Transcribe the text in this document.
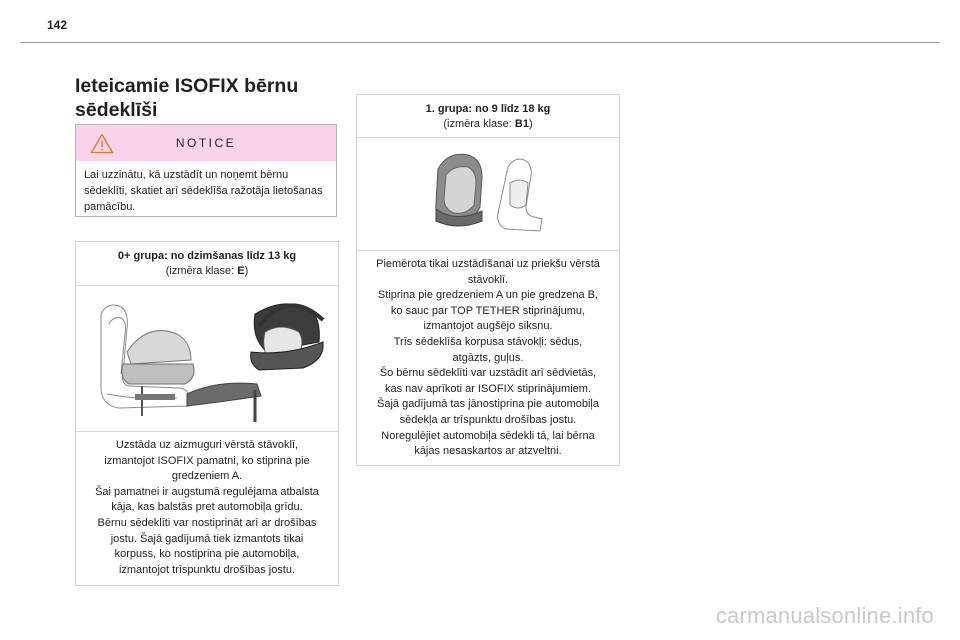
142
Ieteicamie ISOFIX bērnu sēdeklīši
NOTICE
Lai uzzinātu, kā uzstādīt un noņemt bērnu sēdeklīti, skatiet arī sēdeklīša ražotāja lietošanas pamācību.
0+ grupa: no dzimšanas līdz 13 kg
(izmēra klase: E)
Uzstāda uz aizmuguri vērstā stāvoklī,
izmantojot ISOFIX pamatni, ko stiprina pie
gredzeniem A.
Šai pamatnei ir augstumā regulējama atbalsta
kāja, kas balstās pret automobiļa grīdu.
Bērnu sēdeklīti var nostiprināt arī ar drošības
jostu. Šajā gadījumā tiek izmantots tikai
korpuss, ko nostiprina pie automobiļa,
izmantojot trīspunktu drošības jostu.
1. grupa: no 9 līdz 18 kg
(izmēra klase: B1)
Piemērota tikai uzstādīšanai uz priekšu vērstā
stāvoklī.
Stiprina pie gredzeniem A un pie gredzena B,
ko sauc par TOP TETHER stiprinājumu,
izmantojot augšējo siksnu.
Trīs sēdeklīša korpusa stāvokļi: sēdus,
atgāzts, guļus.
Šo bērnu sēdeklīti var uzstādīt arī sēdvietās,
kas nav aprīkoti ar ISOFIX stiprinājumiem.
Šajā gadījumā tas jānostiprina pie automobiļa
sēdekļa ar trīspunktu drošības jostu.
Noregulējiet automobiļa sēdekli tā, lai bērna
kājas nesaskartos ar atzveltni.
carmanualsonline.info
